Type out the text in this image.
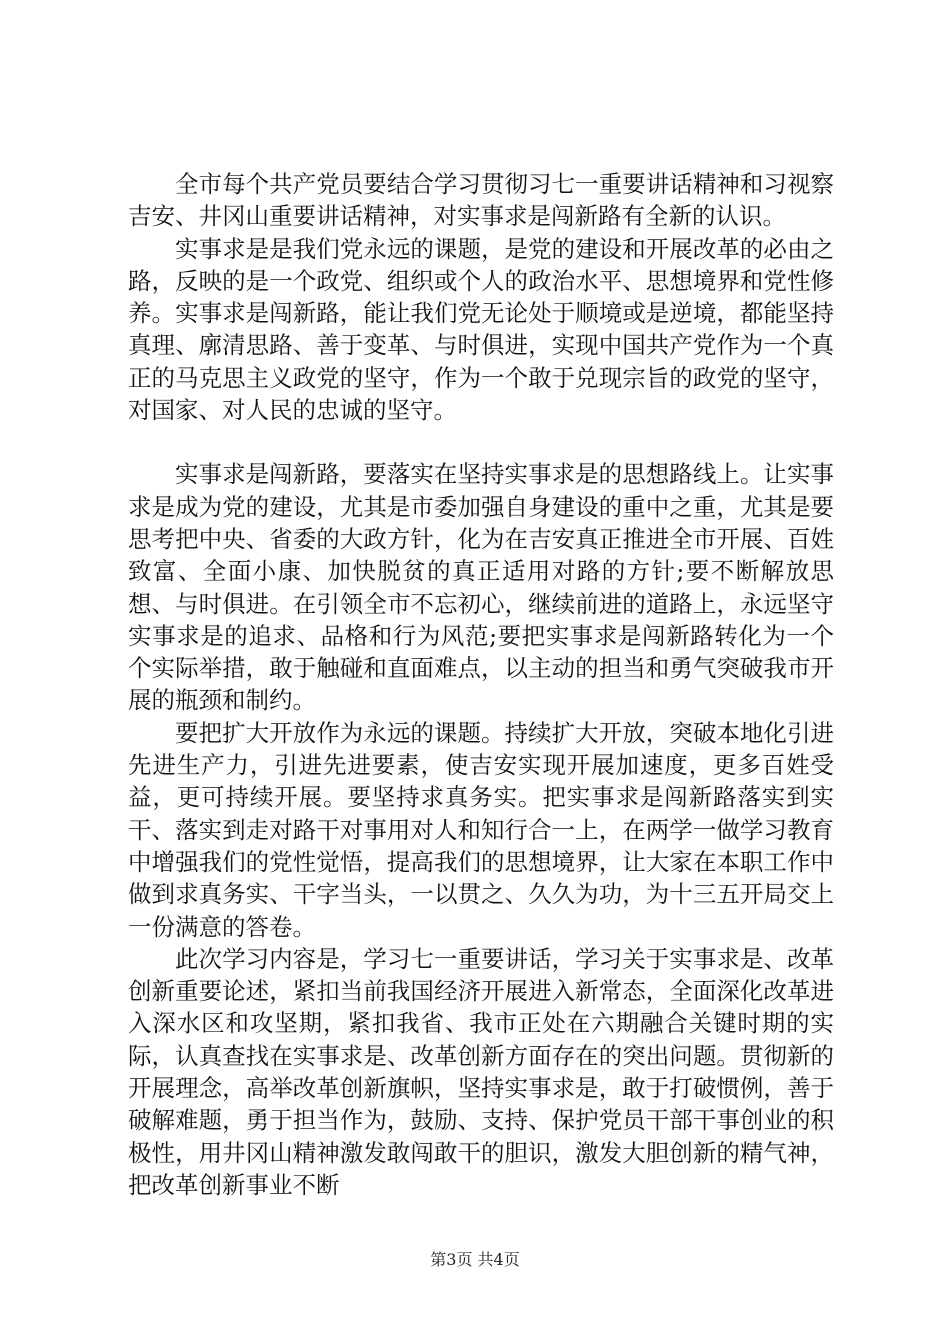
全市每个共产党员要结合学习贯彻习七一重要讲话精神和习视察吉安、井冈山重要讲话精神，对实事求是闯新路有全新的认识。

实事求是是我们党永远的课题，是党的建设和开展改革的必由之路，反映的是一个政党、组织或个人的政治水平、思想境界和党性修养。实事求是闯新路，能让我们党无论处于顺境或是逆境，都能坚持真理、廓清思路、善于变革、与时俱进，实现中国共产党作为一个真正的马克思主义政党的坚守，作为一个敢于兑现宗旨的政党的坚守，对国家、对人民的忠诚的坚守。

实事求是闯新路，要落实在坚持实事求是的思想路线上。让实事求是成为党的建设，尤其是市委加强自身建设的重中之重，尤其是要思考把中央、省委的大政方针，化为在吉安真正推进全市开展、百姓致富、全面小康、加快脱贫的真正适用对路的方针;要不断解放思想、与时俱进。在引领全市不忘初心，继续前进的道路上，永远坚守实事求是的追求、品格和行为风范;要把实事求是闯新路转化为一个个实际举措，敢于触碰和直面难点，以主动的担当和勇气突破我市开展的瓶颈和制约。

要把扩大开放作为永远的课题。持续扩大开放，突破本地化引进先进生产力，引进先进要素，使吉安实现开展加速度，更多百姓受益，更可持续开展。要坚持求真务实。把实事求是闯新路落实到实干、落实到走对路干对事用对人和知行合一上，在两学一做学习教育中增强我们的党性觉悟，提高我们的思想境界，让大家在本职工作中做到求真务实、干字当头，一以贯之、久久为功，为十三五开局交上一份满意的答卷。

此次学习内容是，学习七一重要讲话，学习关于实事求是、改革创新重要论述，紧扣当前我国经济开展进入新常态，全面深化改革进入深水区和攻坚期，紧扣我省、我市正处在六期融合关键时期的实际，认真查找在实事求是、改革创新方面存在的突出问题。贯彻新的开展理念，高举改革创新旗帜，坚持实事求是，敢于打破惯例，善于破解难题，勇于担当作为，鼓励、支持、保护党员干部干事创业的积极性，用井冈山精神激发敢闯敢干的胆识，激发大胆创新的精气神，把改革创新事业不断

第3页 共4页
